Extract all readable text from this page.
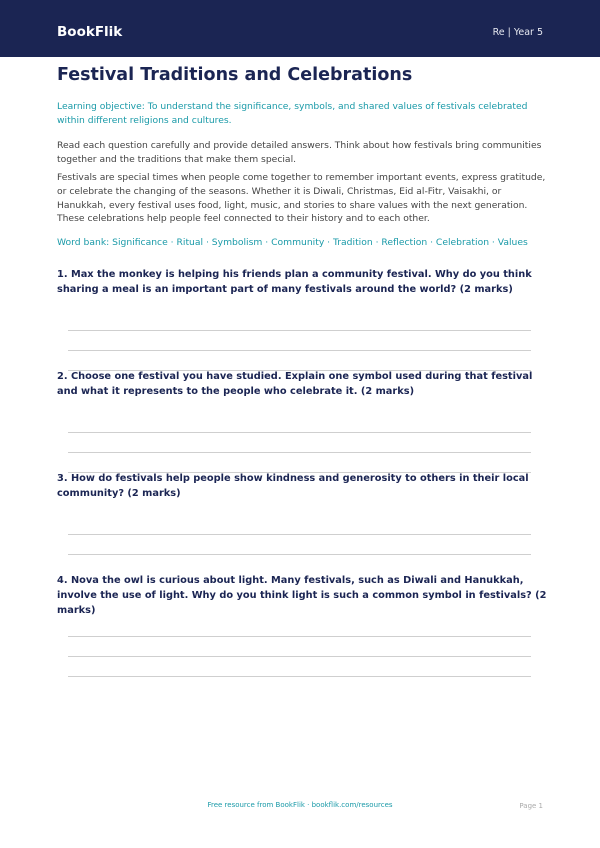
BookFlik	Re | Year 5
Festival Traditions and Celebrations
Learning objective: To understand the significance, symbols, and shared values of festivals celebrated within different religions and cultures.
Read each question carefully and provide detailed answers. Think about how festivals bring communities together and the traditions that make them special.
Festivals are special times when people come together to remember important events, express gratitude, or celebrate the changing of the seasons. Whether it is Diwali, Christmas, Eid al-Fitr, Vaisakhi, or Hanukkah, every festival uses food, light, music, and stories to share values with the next generation. These celebrations help people feel connected to their history and to each other.
Word bank: Significance · Ritual · Symbolism · Community · Tradition · Reflection · Celebration · Values

1. Max the monkey is helping his friends plan a community festival. Why do you think sharing a meal is an important part of many festivals around the world? (2 marks)

2. Choose one festival you have studied. Explain one symbol used during that festival and what it represents to the people who celebrate it. (2 marks)

3. How do festivals help people show kindness and generosity to others in their local community? (2 marks)

4. Nova the owl is curious about light. Many festivals, such as Diwali and Hanukkah, involve the use of light. Why do you think light is such a common symbol in festivals? (2 marks)

Free resource from BookFlik · bookflik.com/resources	Page 1
